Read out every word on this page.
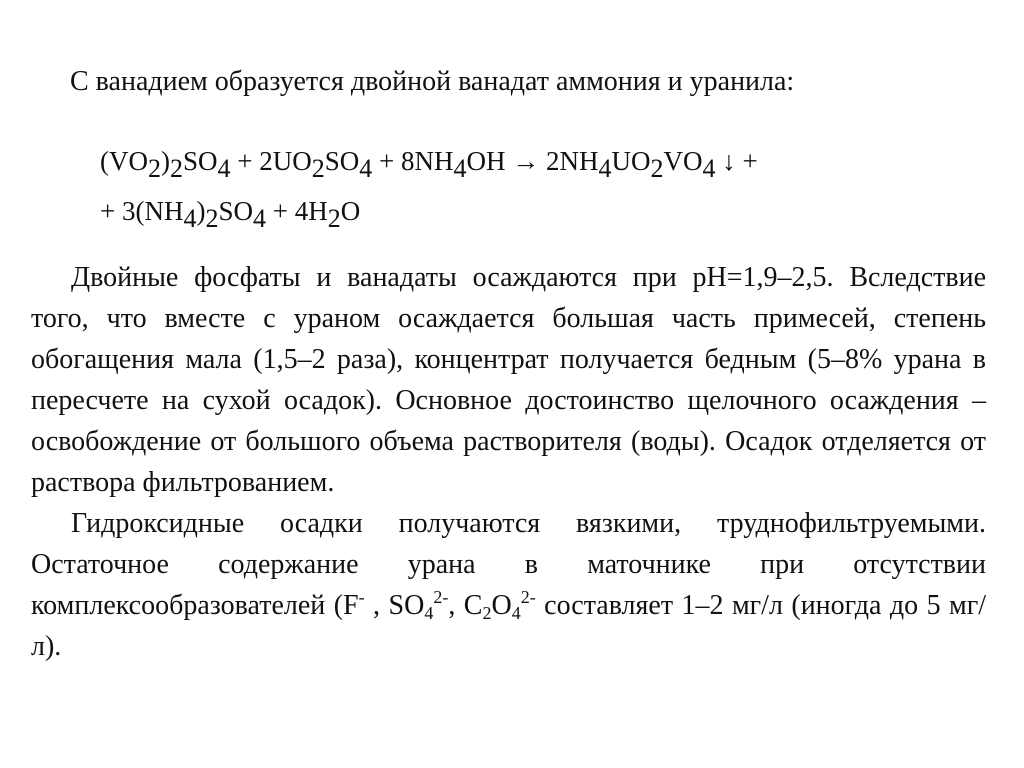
С ванадием образуется двойной ванадат аммония и уранила:

$(VO_2)_2SO_4 + 2UO_2SO_4 + 8NH_4OH \to 2NH_4UO_2VO_4$ ↓ +
+ $3(NH_4)_2SO_4 + 4H_2O$

Двойные фосфаты и ванадаты осаждаются при pH=1,9–2,5. Вследствие того, что вместе с ураном осаждается большая часть примесей, степень обогащения мала (1,5–2 раза), концентрат получается бедным (5–8% урана в пересчете на сухой осадок). Основное достоинство щелочного осаждения – освобождение от большого объема растворителя (воды). Осадок отделяется от раствора фильтрованием.

Гидроксидные осадки получаются вязкими, труднофильтруемыми. Остаточное содержание урана в маточнике при отсутствии комплексообразователей (F- , $SO_4^{2-}$, $C_2O_4^{2-}$ составляет 1–2 мг/л (иногда до 5 мг/л).
